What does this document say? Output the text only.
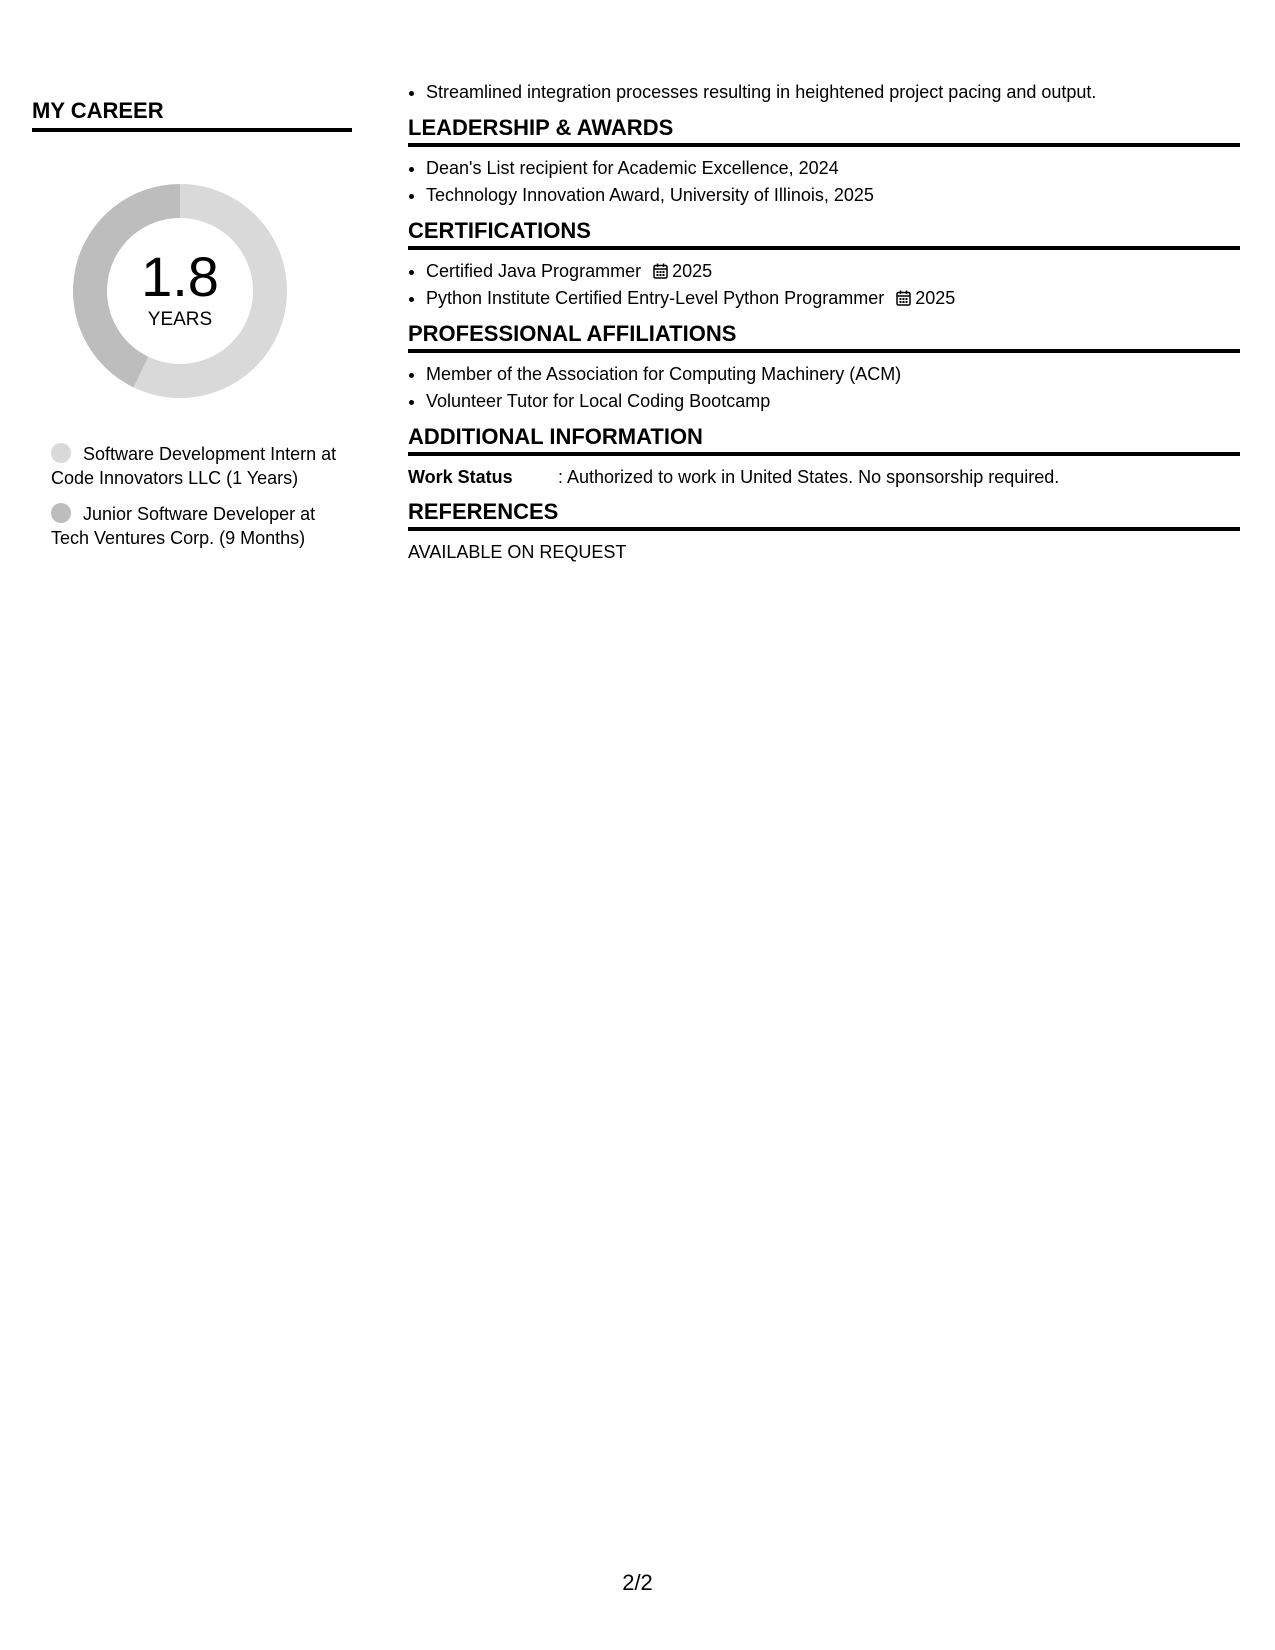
MY CAREER
1.8
YEARS
Software Development Intern at Code Innovators LLC (1 Years)
Junior Software Developer at Tech Ventures Corp. (9 Months)
• Streamlined integration processes resulting in heightened project pacing and output.
LEADERSHIP & AWARDS
• Dean's List recipient for Academic Excellence, 2024
• Technology Innovation Award, University of Illinois, 2025
CERTIFICATIONS
• Certified Java Programmer 2025
• Python Institute Certified Entry-Level Python Programmer 2025
PROFESSIONAL AFFILIATIONS
• Member of the Association for Computing Machinery (ACM)
• Volunteer Tutor for Local Coding Bootcamp
ADDITIONAL INFORMATION
Work Status	: Authorized to work in United States. No sponsorship required.
REFERENCES
AVAILABLE ON REQUEST
2/2
